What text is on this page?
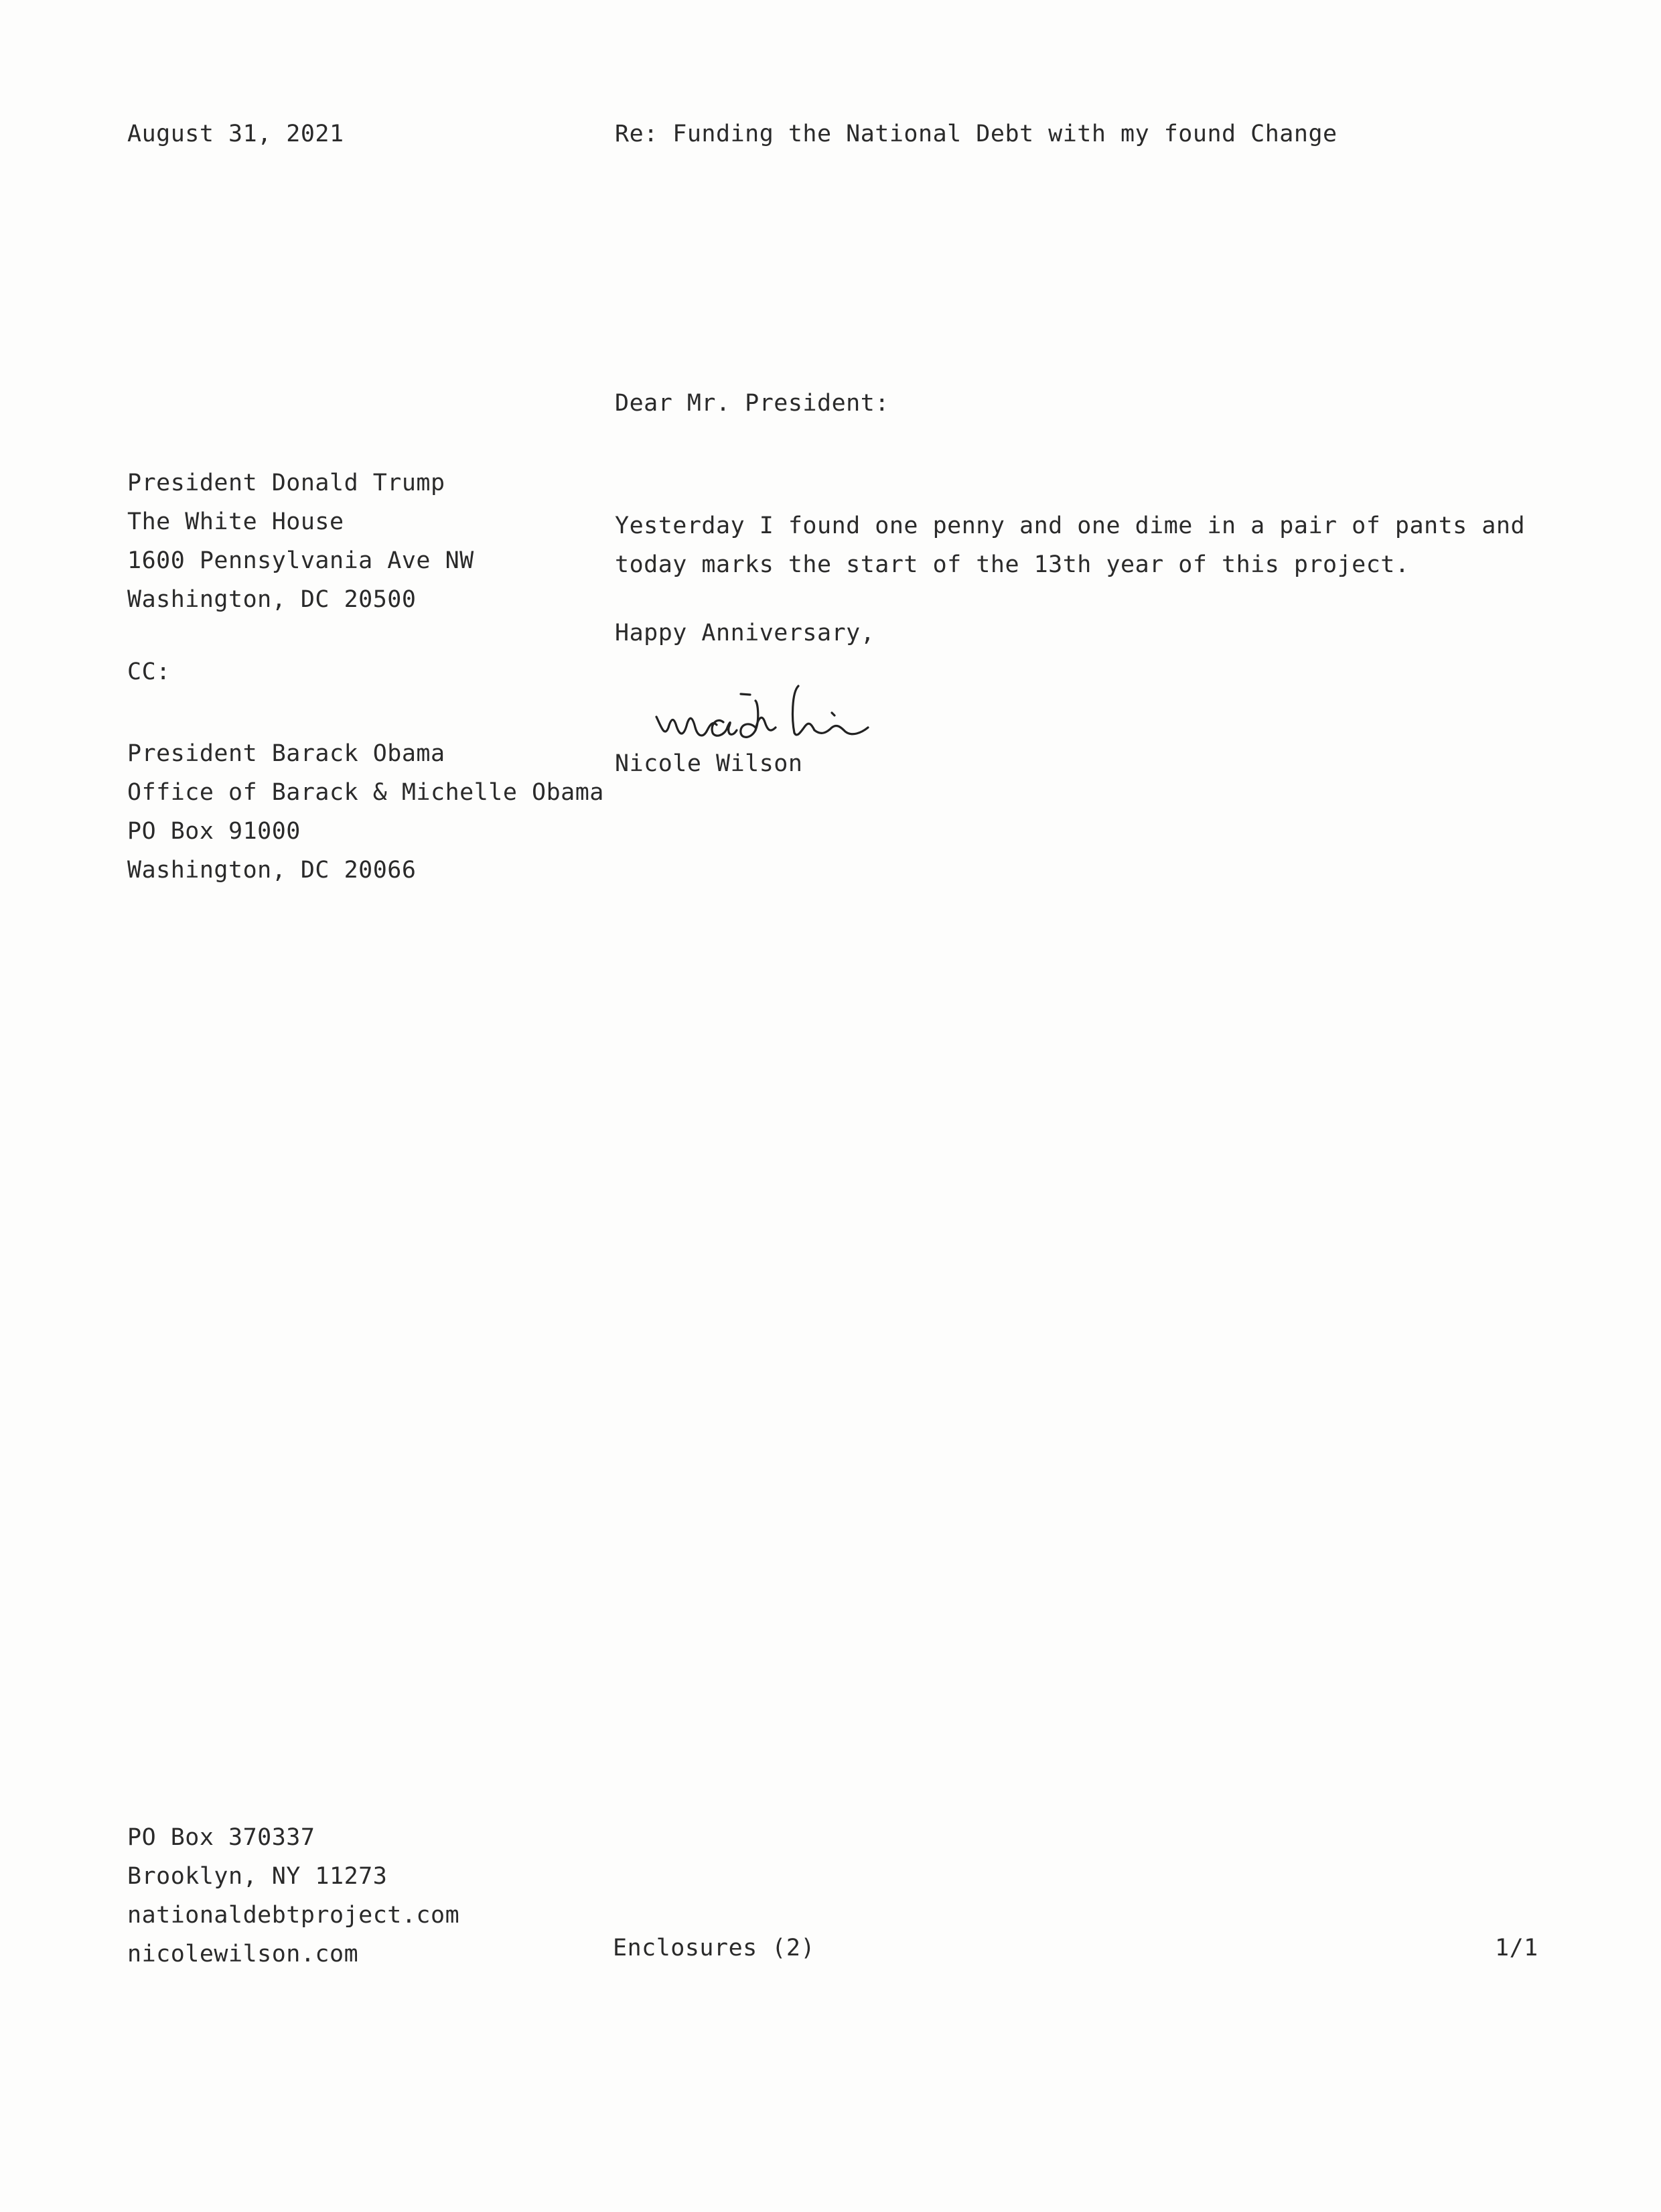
August 31, 2021	Re: Funding the National Debt with my found Change
Dear Mr. President:
President Donald Trump
The White House
1600 Pennsylvania Ave NW
Washington, DC 20500
CC:
President Barack Obama
Office of Barack & Michelle Obama
PO Box 91000
Washington, DC 20066
Yesterday I found one penny and one dime in a pair of pants and
today marks the start of the 13th year of this project.
Happy Anniversary,
Nicole Wilson
PO Box 370337
Brooklyn, NY 11273
nationaldebtproject.com
nicolewilson.com	Enclosures (2)	1/1
